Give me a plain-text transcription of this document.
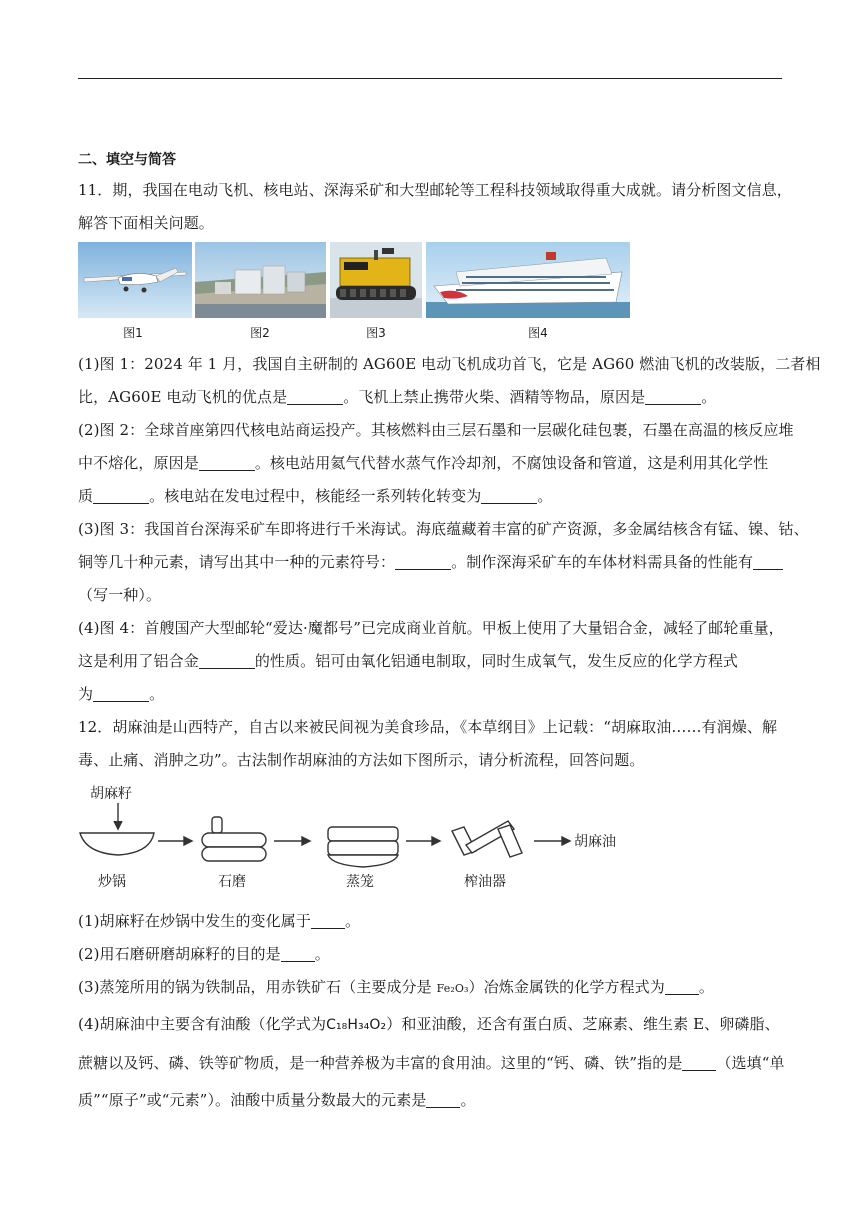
二、填空与简答
11．期，我国在电动飞机、核电站、深海采矿和大型邮轮等工程科技领域取得重大成就。请分析图文信息，
解答下面相关问题。
图1	图2	图3	图4
(1)图 1：2024 年 1 月，我国自主研制的 AG60E 电动飞机成功首飞，它是 AG60 燃油飞机的改装版，二者相
比，AG60E 电动飞机的优点是	。飞机上禁止携带火柴、酒精等物品，原因是	。
(2)图 2：全球首座第四代核电站商运投产。其核燃料由三层石墨和一层碳化硅包裹，石墨在高温的核反应堆
中不熔化，原因是	。核电站用氦气代替水蒸气作冷却剂，不腐蚀设备和管道，这是利用其化学性
质	。核电站在发电过程中，核能经一系列转化转变为	。
(3)图 3：我国首台深海采矿车即将进行千米海试。海底蕴藏着丰富的矿产资源，多金属结核含有锰、镍、钴、
铜等几十种元素，请写出其中一种的元素符号：	。制作深海采矿车的车体材料需具备的性能有
（写一种）。
(4)图 4：首艘国产大型邮轮“爱达·魔都号”已完成商业首航。甲板上使用了大量铝合金，减轻了邮轮重量，
这是利用了铝合金	的性质。铝可由氧化铝通电制取，同时生成氧气，发生反应的化学方程式
为	。
12．胡麻油是山西特产，自古以来被民间视为美食珍品，《本草纲目》上记载：“胡麻取油……有润燥、解
毒、止痛、消肿之功”。古法制作胡麻油的方法如下图所示，请分析流程，回答问题。
胡麻籽
胡麻油
炒锅	石磨	蒸笼	榨油器
(1)胡麻籽在炒锅中发生的变化属于 。
(2)用石磨研磨胡麻籽的目的是 。
(3)蒸笼所用的锅为铁制品，用赤铁矿石（主要成分是 Fe₂O₃）冶炼金属铁的化学方程式为 。
(4)胡麻油中主要含有油酸（化学式为C₁₈H₃₄O₂）和亚油酸，还含有蛋白质、芝麻素、维生素 E、卵磷脂、
蔗糖以及钙、磷、铁等矿物质，是一种营养极为丰富的食用油。这里的“钙、磷、铁”指的是 （选填“单
质”“原子”或“元素”）。油酸中质量分数最大的元素是 。
